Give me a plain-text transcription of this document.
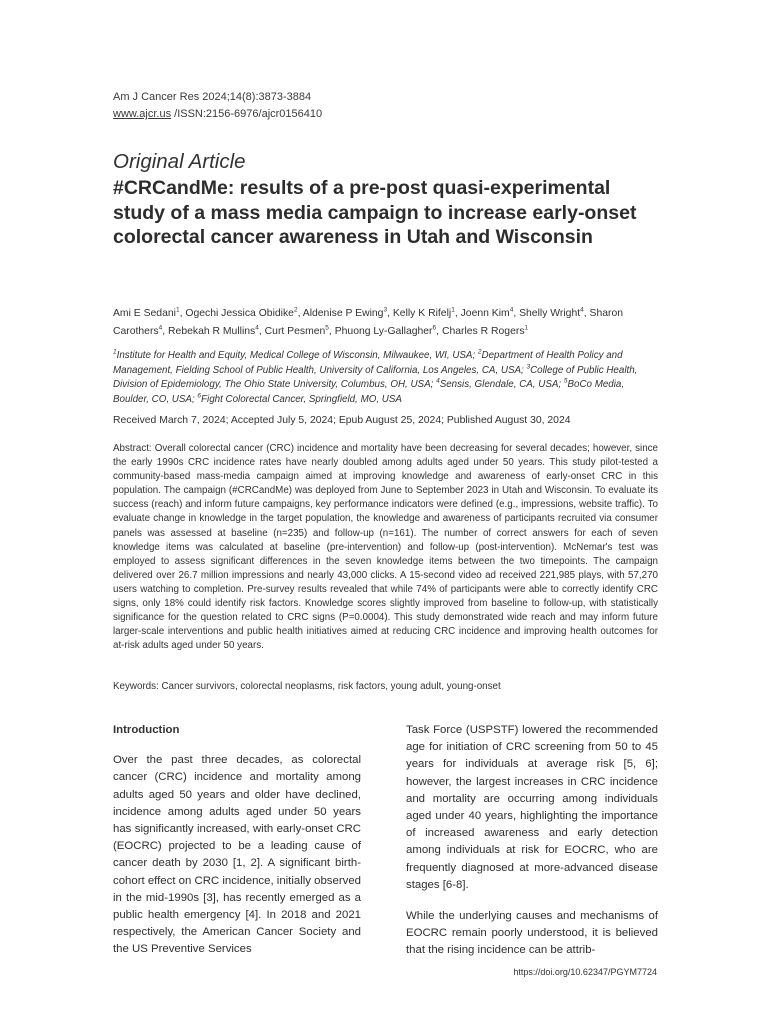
Am J Cancer Res 2024;14(8):3873-3884
www.ajcr.us /ISSN:2156-6976/ajcr0156410
Original Article
#CRCandMe: results of a pre-post quasi-experimental study of a mass media campaign to increase early-onset colorectal cancer awareness in Utah and Wisconsin
Ami E Sedani$^1$, Ogechi Jessica Obidike$^2$, Aldenise P Ewing$^3$, Kelly K Rifelj$^1$, Joenn Kim$^4$, Shelly Wright$^4$, Sharon Carothers$^4$, Rebekah R Mullins$^4$, Curt Pesmen$^5$, Phuong Ly-Gallagher$^6$, Charles R Rogers$^1$
$^1$Institute for Health and Equity, Medical College of Wisconsin, Milwaukee, WI, USA; $^2$Department of Health Policy and Management, Fielding School of Public Health, University of California, Los Angeles, CA, USA; $^3$College of Public Health, Division of Epidemiology, The Ohio State University, Columbus, OH, USA; $^4$Sensis, Glendale, CA, USA; $^5$BoCo Media, Boulder, CO, USA; $^6$Fight Colorectal Cancer, Springfield, MO, USA
Received March 7, 2024; Accepted July 5, 2024; Epub August 25, 2024; Published August 30, 2024
Abstract: Overall colorectal cancer (CRC) incidence and mortality have been decreasing for several decades; however, since the early 1990s CRC incidence rates have nearly doubled among adults aged under 50 years. This study pilot-tested a community-based mass-media campaign aimed at improving knowledge and awareness of early-onset CRC in this population. The campaign (#CRCandMe) was deployed from June to September 2023 in Utah and Wisconsin. To evaluate its success (reach) and inform future campaigns, key performance indicators were defined (e.g., impressions, website traffic). To evaluate change in knowledge in the target population, the knowledge and awareness of participants recruited via consumer panels was assessed at baseline (n=235) and follow-up (n=161). The number of correct answers for each of seven knowledge items was calculated at baseline (pre-intervention) and follow-up (post-intervention). McNemar's test was employed to assess significant differences in the seven knowledge items between the two timepoints. The campaign delivered over 26.7 million impressions and nearly 43,000 clicks. A 15-second video ad received 221,985 plays, with 57,270 users watching to completion. Pre-survey results revealed that while 74% of participants were able to correctly identify CRC signs, only 18% could identify risk factors. Knowledge scores slightly improved from baseline to follow-up, with statistically significance for the question related to CRC signs (P=0.0004). This study demonstrated wide reach and may inform future larger-scale interventions and public health initiatives aimed at reducing CRC incidence and improving health outcomes for at-risk adults aged under 50 years.
Keywords: Cancer survivors, colorectal neoplasms, risk factors, young adult, young-onset
Introduction

Over the past three decades, as colorectal cancer (CRC) incidence and mortality among adults aged 50 years and older have declined, incidence among adults aged under 50 years has significantly increased, with early-onset CRC (EOCRC) projected to be a leading cause of cancer death by 2030 [1, 2]. A significant birth-cohort effect on CRC incidence, initially observed in the mid-1990s [3], has recently emerged as a public health emergency [4]. In 2018 and 2021 respectively, the American Cancer Society and the US Preventive Services

Task Force (USPSTF) lowered the recommended age for initiation of CRC screening from 50 to 45 years for individuals at average risk [5, 6]; however, the largest increases in CRC incidence and mortality are occurring among individuals aged under 40 years, highlighting the importance of increased awareness and early detection among individuals at risk for EOCRC, who are frequently diagnosed at more-advanced disease stages [6-8].

While the underlying causes and mechanisms of EOCRC remain poorly understood, it is believed that the rising incidence can be attrib-

https://doi.org/10.62347/PGYM7724
